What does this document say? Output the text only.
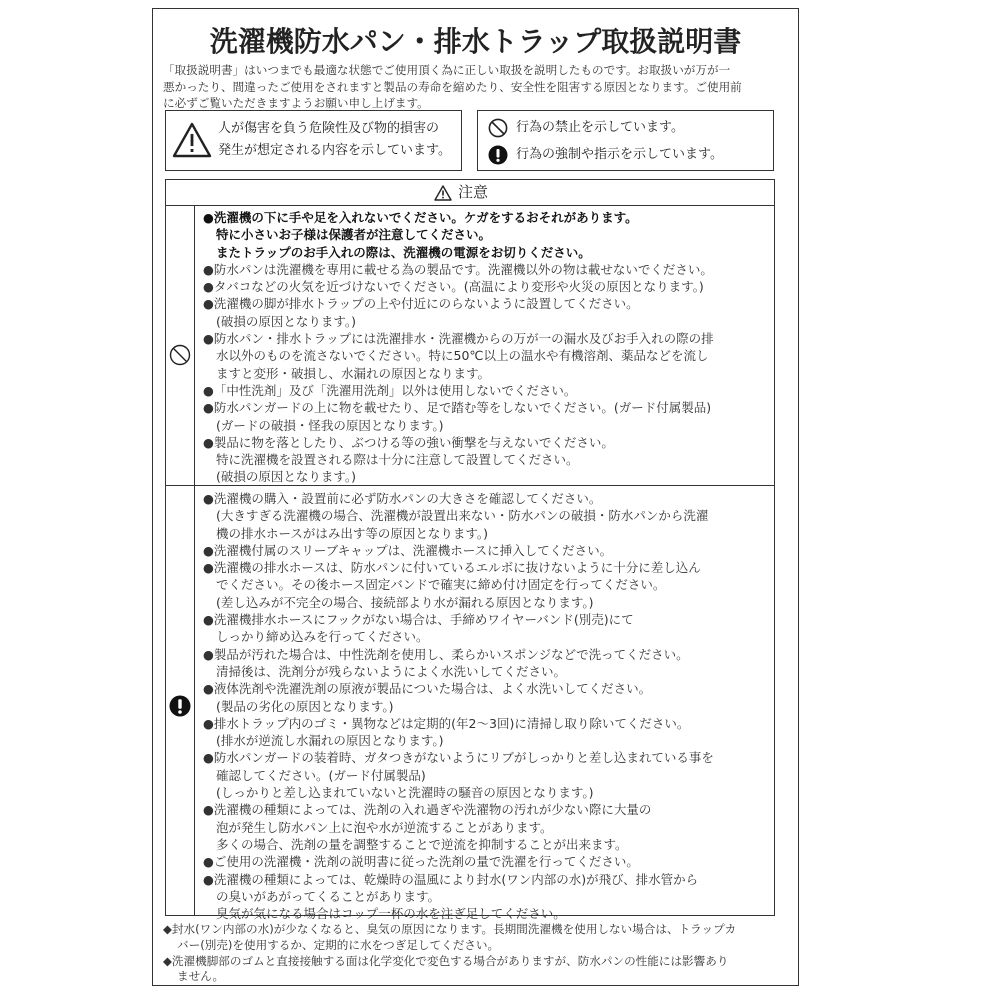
洗濯機防水パン・排水トラップ取扱説明書
「取扱説明書」はいつまでも最適な状態でご使用頂く為に正しい取扱を説明したものです。お取扱いが万が一
悪かったり、間違ったご使用をされますと製品の寿命を縮めたり、安全性を阻害する原因となります。ご使用前
に必ずご覧いただきますようお願い申し上げます。
人が傷害を負う危険性及び物的損害の
発生が想定される内容を示しています。
行為の禁止を示しています。
行為の強制や指示を示しています。
注意
●洗濯機の下に手や足を入れないでください。ケガをするおそれがあります。
特に小さいお子様は保護者が注意してください。
またトラップのお手入れの際は、洗濯機の電源をお切りください。
●防水パンは洗濯機を専用に載せる為の製品です。洗濯機以外の物は載せないでください。
●タバコなどの火気を近づけないでください。(高温により変形や火災の原因となります。)
●洗濯機の脚が排水トラップの上や付近にのらないように設置してください。
(破損の原因となります。)
●防水パン・排水トラップには洗濯排水・洗濯機からの万が一の漏水及びお手入れの際の排
水以外のものを流さないでください。特に50℃以上の温水や有機溶剤、薬品などを流し
ますと変形・破損し、水漏れの原因となります。
●「中性洗剤」及び「洗濯用洗剤」以外は使用しないでください。
●防水パンガードの上に物を載せたり、足で踏む等をしないでください。(ガード付属製品)
(ガードの破損・怪我の原因となります。)
●製品に物を落としたり、ぶつける等の強い衝撃を与えないでください。
特に洗濯機を設置される際は十分に注意して設置してください。
(破損の原因となります。)
●洗濯機の購入・設置前に必ず防水パンの大きさを確認してください。
(大きすぎる洗濯機の場合、洗濯機が設置出来ない・防水パンの破損・防水パンから洗濯
機の排水ホースがはみ出す等の原因となります。)
●洗濯機付属のスリーブキャップは、洗濯機ホースに挿入してください。
●洗濯機の排水ホースは、防水パンに付いているエルボに抜けないように十分に差し込ん
でください。その後ホース固定バンドで確実に締め付け固定を行ってください。
(差し込みが不完全の場合、接続部より水が漏れる原因となります。)
●洗濯機排水ホースにフックがない場合は、手締めワイヤーバンド(別売)にて
しっかり締め込みを行ってください。
●製品が汚れた場合は、中性洗剤を使用し、柔らかいスポンジなどで洗ってください。
清掃後は、洗剤分が残らないようによく水洗いしてください。
●液体洗剤や洗濯洗剤の原液が製品についた場合は、よく水洗いしてください。
(製品の劣化の原因となります。)
●排水トラップ内のゴミ・異物などは定期的(年2～3回)に清掃し取り除いてください。
(排水が逆流し水漏れの原因となります。)
●防水パンガードの装着時、ガタつきがないようにリブがしっかりと差し込まれている事を
確認してください。(ガード付属製品)
(しっかりと差し込まれていないと洗濯時の騒音の原因となります。)
●洗濯機の種類によっては、洗剤の入れ過ぎや洗濯物の汚れが少ない際に大量の
泡が発生し防水パン上に泡や水が逆流することがあります。
多くの場合、洗剤の量を調整することで逆流を抑制することが出来ます。
●ご使用の洗濯機・洗剤の説明書に従った洗剤の量で洗濯を行ってください。
●洗濯機の種類によっては、乾燥時の温風により封水(ワン内部の水)が飛び、排水管から
の臭いがあがってくることがあります。
臭気が気になる場合はコップ一杯の水を注ぎ足してください。
◆封水(ワン内部の水)が少なくなると、臭気の原因になります。長期間洗濯機を使用しない場合は、トラップカ
バー(別売)を使用するか、定期的に水をつぎ足してください。
◆洗濯機脚部のゴムと直接接触する面は化学変化で変色する場合がありますが、防水パンの性能には影響あり
ません。
